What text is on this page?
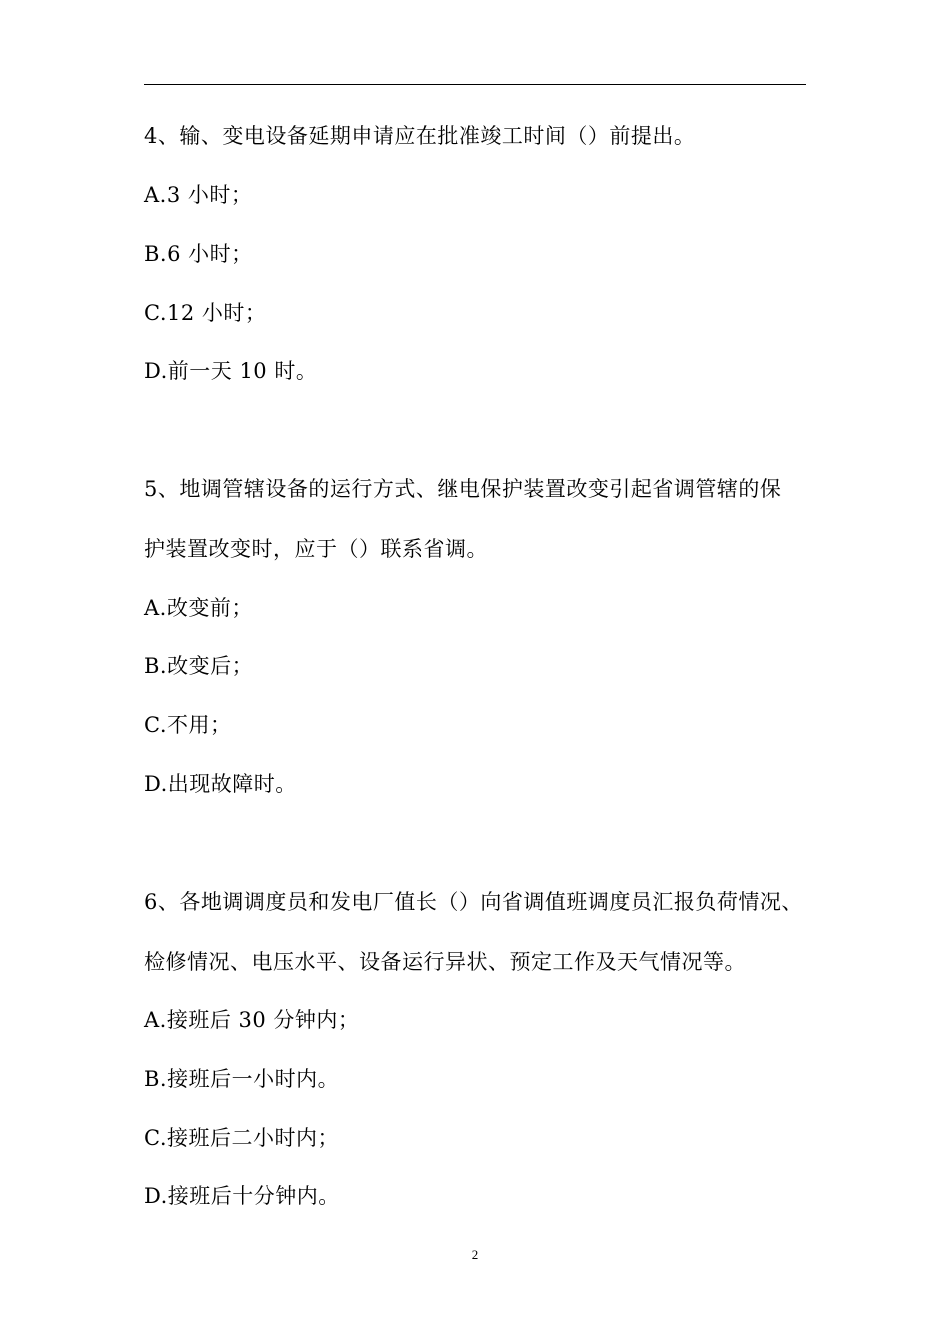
4、输、变电设备延期申请应在批准竣工时间（）前提出。
A.3 小时；
B.6 小时；
C.12 小时；
D.前一天 10 时。
5、地调管辖设备的运行方式、继电保护装置改变引起省调管辖的保
护装置改变时，应于（）联系省调。
A.改变前；
B.改变后；
C.不用；
D.出现故障时。
6、各地调调度员和发电厂值长（）向省调值班调度员汇报负荷情况、
检修情况、电压水平、设备运行异状、预定工作及天气情况等。
A.接班后 30 分钟内；
B.接班后一小时内。
C.接班后二小时内；
D.接班后十分钟内。
2
